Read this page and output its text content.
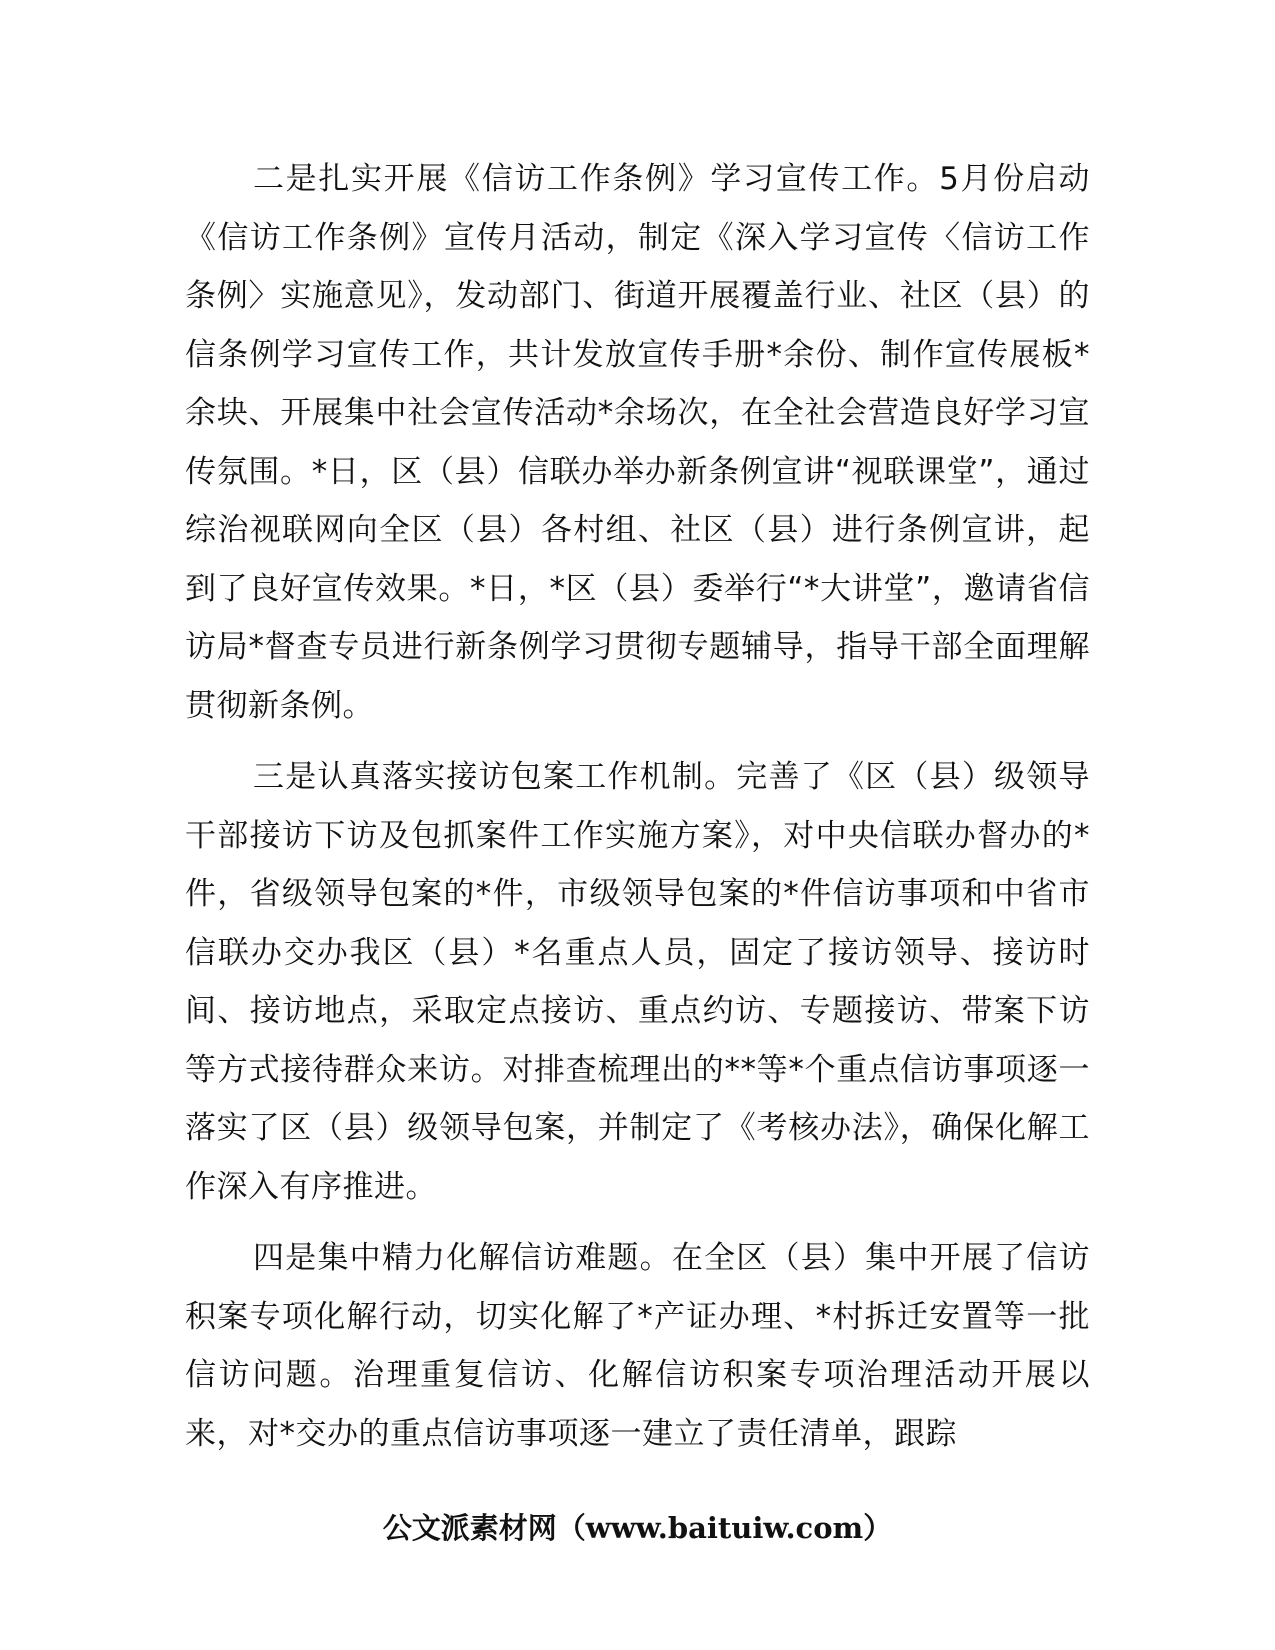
二是扎实开展《信访工作条例》学习宣传工作。5月份启动《信访工作条例》宣传月活动，制定《深入学习宣传〈信访工作条例〉实施意见》，发动部门、街道开展覆盖行业、社区（县）的信条例学习宣传工作，共计发放宣传手册*余份、制作宣传展板*余块、开展集中社会宣传活动*余场次，在全社会营造良好学习宣传氛围。*日，区（县）信联办举办新条例宣讲“视联课堂”，通过综治视联网向全区（县）各村组、社区（县）进行条例宣讲，起到了良好宣传效果。*日，*区（县）委举行“*大讲堂”，邀请省信访局*督查专员进行新条例学习贯彻专题辅导，指导干部全面理解贯彻新条例。

三是认真落实接访包案工作机制。完善了《区（县）级领导干部接访下访及包抓案件工作实施方案》，对中央信联办督办的*件，省级领导包案的*件，市级领导包案的*件信访事项和中省市信联办交办我区（县）*名重点人员，固定了接访领导、接访时间、接访地点，采取定点接访、重点约访、专题接访、带案下访等方式接待群众来访。对排查梳理出的**等*个重点信访事项逐一落实了区（县）级领导包案，并制定了《考核办法》，确保化解工作深入有序推进。

四是集中精力化解信访难题。在全区（县）集中开展了信访积案专项化解行动，切实化解了*产证办理、*村拆迁安置等一批信访问题。治理重复信访、化解信访积案专项治理活动开展以来，对*交办的重点信访事项逐一建立了责任清单，跟踪

公文派素材网（www.baituiw.com）
